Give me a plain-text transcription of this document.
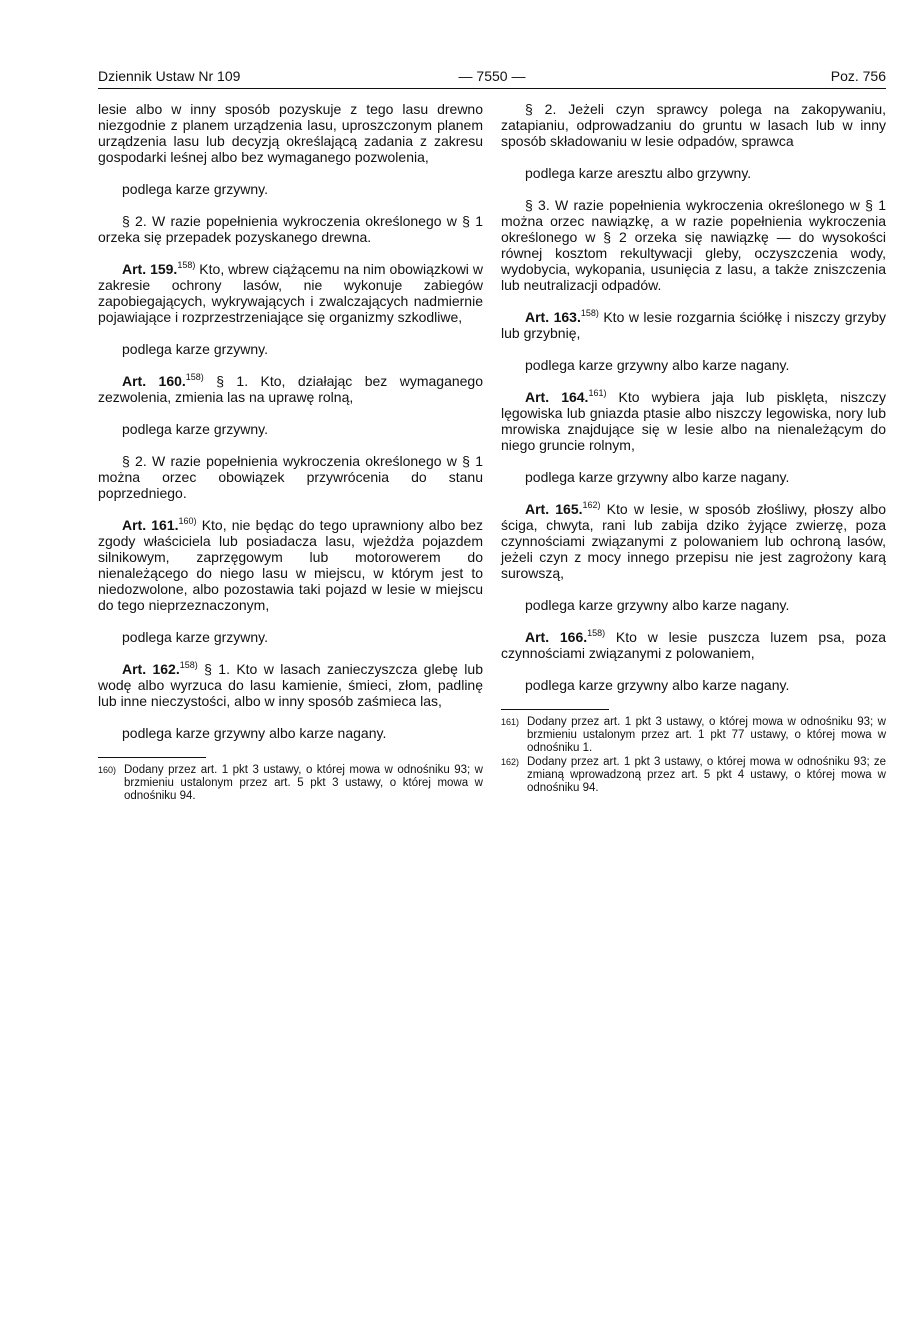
Dziennik Ustaw Nr 109	— 7550 —	Poz. 756

lesie albo w inny sposób pozyskuje z tego lasu drewno niezgodnie z planem urządzenia lasu, uproszczonym planem urządzenia lasu lub decyzją określającą zadania z zakresu gospodarki leśnej albo bez wymaganego pozwolenia,

podlega karze grzywny.

§ 2. W razie popełnienia wykroczenia określonego w § 1 orzeka się przepadek pozyskanego drewna.

Art. 159.$^{158)}$ Kto, wbrew ciążącemu na nim obowiązkowi w zakresie ochrony lasów, nie wykonuje zabiegów zapobiegających, wykrywających i zwalczających nadmiernie pojawiające i rozprzestrzeniające się organizmy szkodliwe,

podlega karze grzywny.

Art. 160.$^{158)}$ § 1. Kto, działając bez wymaganego zezwolenia, zmienia las na uprawę rolną,

podlega karze grzywny.

§ 2. W razie popełnienia wykroczenia określonego w § 1 można orzec obowiązek przywrócenia do stanu poprzedniego.

Art. 161.$^{160)}$ Kto, nie będąc do tego uprawniony albo bez zgody właściciela lub posiadacza lasu, wjeżdża pojazdem silnikowym, zaprzęgowym lub motorowerem do nienależącego do niego lasu w miejscu, w którym jest to niedozwolone, albo pozostawia taki pojazd w lesie w miejscu do tego nieprzeznaczonym,

podlega karze grzywny.

Art. 162.$^{158)}$ § 1. Kto w lasach zanieczyszcza glebę lub wodę albo wyrzuca do lasu kamienie, śmieci, złom, padlinę lub inne nieczystości, albo w inny sposób zaśmieca las,

podlega karze grzywny albo karze nagany.

160) Dodany przez art. 1 pkt 3 ustawy, o której mowa w odnośniku 93; w brzmieniu ustalonym przez art. 5 pkt 3 ustawy, o której mowa w odnośniku 94.

§ 2. Jeżeli czyn sprawcy polega na zakopywaniu, zatapianiu, odprowadzaniu do gruntu w lasach lub w inny sposób składowaniu w lesie odpadów, sprawca

podlega karze aresztu albo grzywny.

§ 3. W razie popełnienia wykroczenia określonego w § 1 można orzec nawiązkę, a w razie popełnienia wykroczenia określonego w § 2 orzeka się nawiązkę — do wysokości równej kosztom rekultywacji gleby, oczyszczenia wody, wydobycia, wykopania, usunięcia z lasu, a także zniszczenia lub neutralizacji odpadów.

Art. 163.$^{158)}$ Kto w lesie rozgarnia ściółkę i niszczy grzyby lub grzybnię,

podlega karze grzywny albo karze nagany.

Art. 164.$^{161)}$ Kto wybiera jaja lub pisklęta, niszczy lęgowiska lub gniazda ptasie albo niszczy legowiska, nory lub mrowiska znajdujące się w lesie albo na nienależącym do niego gruncie rolnym,

podlega karze grzywny albo karze nagany.

Art. 165.$^{162)}$ Kto w lesie, w sposób złośliwy, płoszy albo ściga, chwyta, rani lub zabija dziko żyjące zwierzę, poza czynnościami związanymi z polowaniem lub ochroną lasów, jeżeli czyn z mocy innego przepisu nie jest zagrożony karą surowszą,

podlega karze grzywny albo karze nagany.

Art. 166.$^{158)}$ Kto w lesie puszcza luzem psa, poza czynnościami związanymi z polowaniem,

podlega karze grzywny albo karze nagany.

161) Dodany przez art. 1 pkt 3 ustawy, o której mowa w odnośniku 93; w brzmieniu ustalonym przez art. 1 pkt 77 ustawy, o której mowa w odnośniku 1.
162) Dodany przez art. 1 pkt 3 ustawy, o której mowa w odnośniku 93; ze zmianą wprowadzoną przez art. 5 pkt 4 ustawy, o której mowa w odnośniku 94.
